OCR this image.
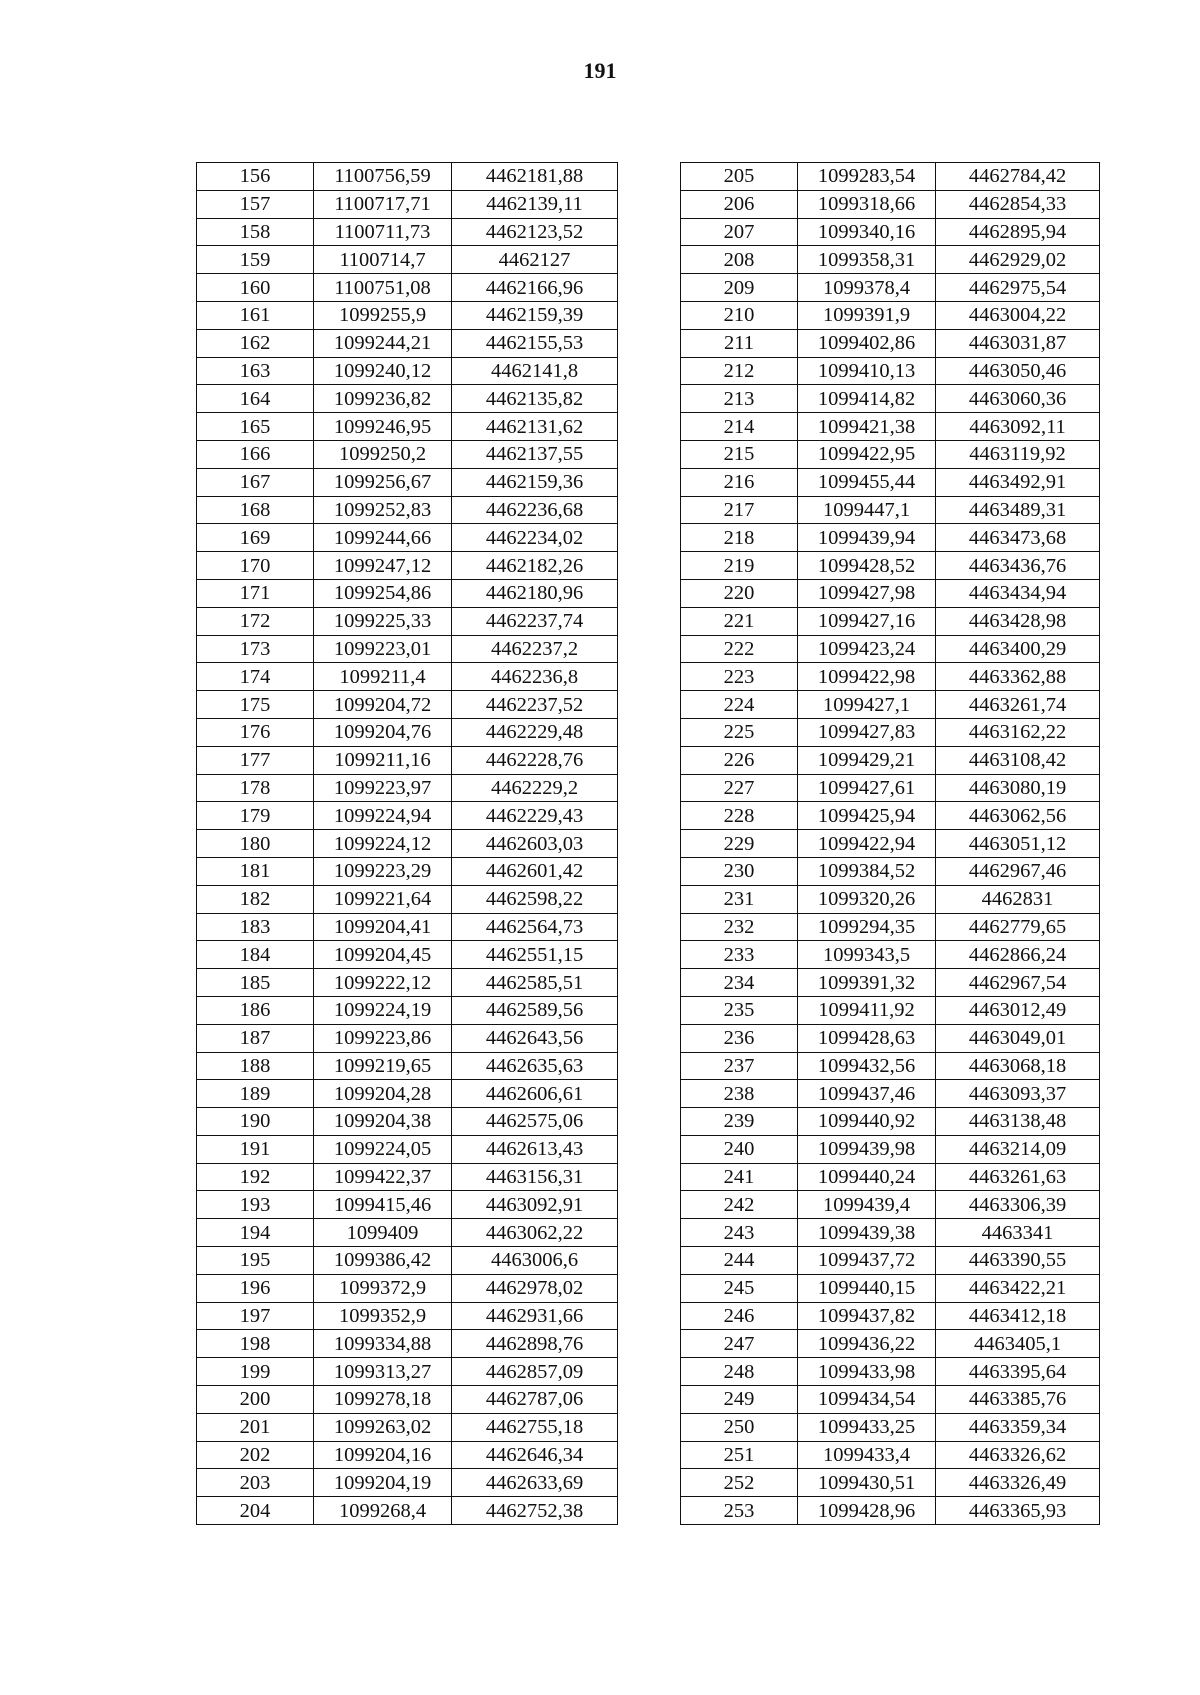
191
156	1100756,59	4462181,88
157	1100717,71	4462139,11
158	1100711,73	4462123,52
159	1100714,7	4462127
160	1100751,08	4462166,96
161	1099255,9	4462159,39
162	1099244,21	4462155,53
163	1099240,12	4462141,8
164	1099236,82	4462135,82
165	1099246,95	4462131,62
166	1099250,2	4462137,55
167	1099256,67	4462159,36
168	1099252,83	4462236,68
169	1099244,66	4462234,02
170	1099247,12	4462182,26
171	1099254,86	4462180,96
172	1099225,33	4462237,74
173	1099223,01	4462237,2
174	1099211,4	4462236,8
175	1099204,72	4462237,52
176	1099204,76	4462229,48
177	1099211,16	4462228,76
178	1099223,97	4462229,2
179	1099224,94	4462229,43
180	1099224,12	4462603,03
181	1099223,29	4462601,42
182	1099221,64	4462598,22
183	1099204,41	4462564,73
184	1099204,45	4462551,15
185	1099222,12	4462585,51
186	1099224,19	4462589,56
187	1099223,86	4462643,56
188	1099219,65	4462635,63
189	1099204,28	4462606,61
190	1099204,38	4462575,06
191	1099224,05	4462613,43
192	1099422,37	4463156,31
193	1099415,46	4463092,91
194	1099409	4463062,22
195	1099386,42	4463006,6
196	1099372,9	4462978,02
197	1099352,9	4462931,66
198	1099334,88	4462898,76
199	1099313,27	4462857,09
200	1099278,18	4462787,06
201	1099263,02	4462755,18
202	1099204,16	4462646,34
203	1099204,19	4462633,69
204	1099268,4	4462752,38
205	1099283,54	4462784,42
206	1099318,66	4462854,33
207	1099340,16	4462895,94
208	1099358,31	4462929,02
209	1099378,4	4462975,54
210	1099391,9	4463004,22
211	1099402,86	4463031,87
212	1099410,13	4463050,46
213	1099414,82	4463060,36
214	1099421,38	4463092,11
215	1099422,95	4463119,92
216	1099455,44	4463492,91
217	1099447,1	4463489,31
218	1099439,94	4463473,68
219	1099428,52	4463436,76
220	1099427,98	4463434,94
221	1099427,16	4463428,98
222	1099423,24	4463400,29
223	1099422,98	4463362,88
224	1099427,1	4463261,74
225	1099427,83	4463162,22
226	1099429,21	4463108,42
227	1099427,61	4463080,19
228	1099425,94	4463062,56
229	1099422,94	4463051,12
230	1099384,52	4462967,46
231	1099320,26	4462831
232	1099294,35	4462779,65
233	1099343,5	4462866,24
234	1099391,32	4462967,54
235	1099411,92	4463012,49
236	1099428,63	4463049,01
237	1099432,56	4463068,18
238	1099437,46	4463093,37
239	1099440,92	4463138,48
240	1099439,98	4463214,09
241	1099440,24	4463261,63
242	1099439,4	4463306,39
243	1099439,38	4463341
244	1099437,72	4463390,55
245	1099440,15	4463422,21
246	1099437,82	4463412,18
247	1099436,22	4463405,1
248	1099433,98	4463395,64
249	1099434,54	4463385,76
250	1099433,25	4463359,34
251	1099433,4	4463326,62
252	1099430,51	4463326,49
253	1099428,96	4463365,93
